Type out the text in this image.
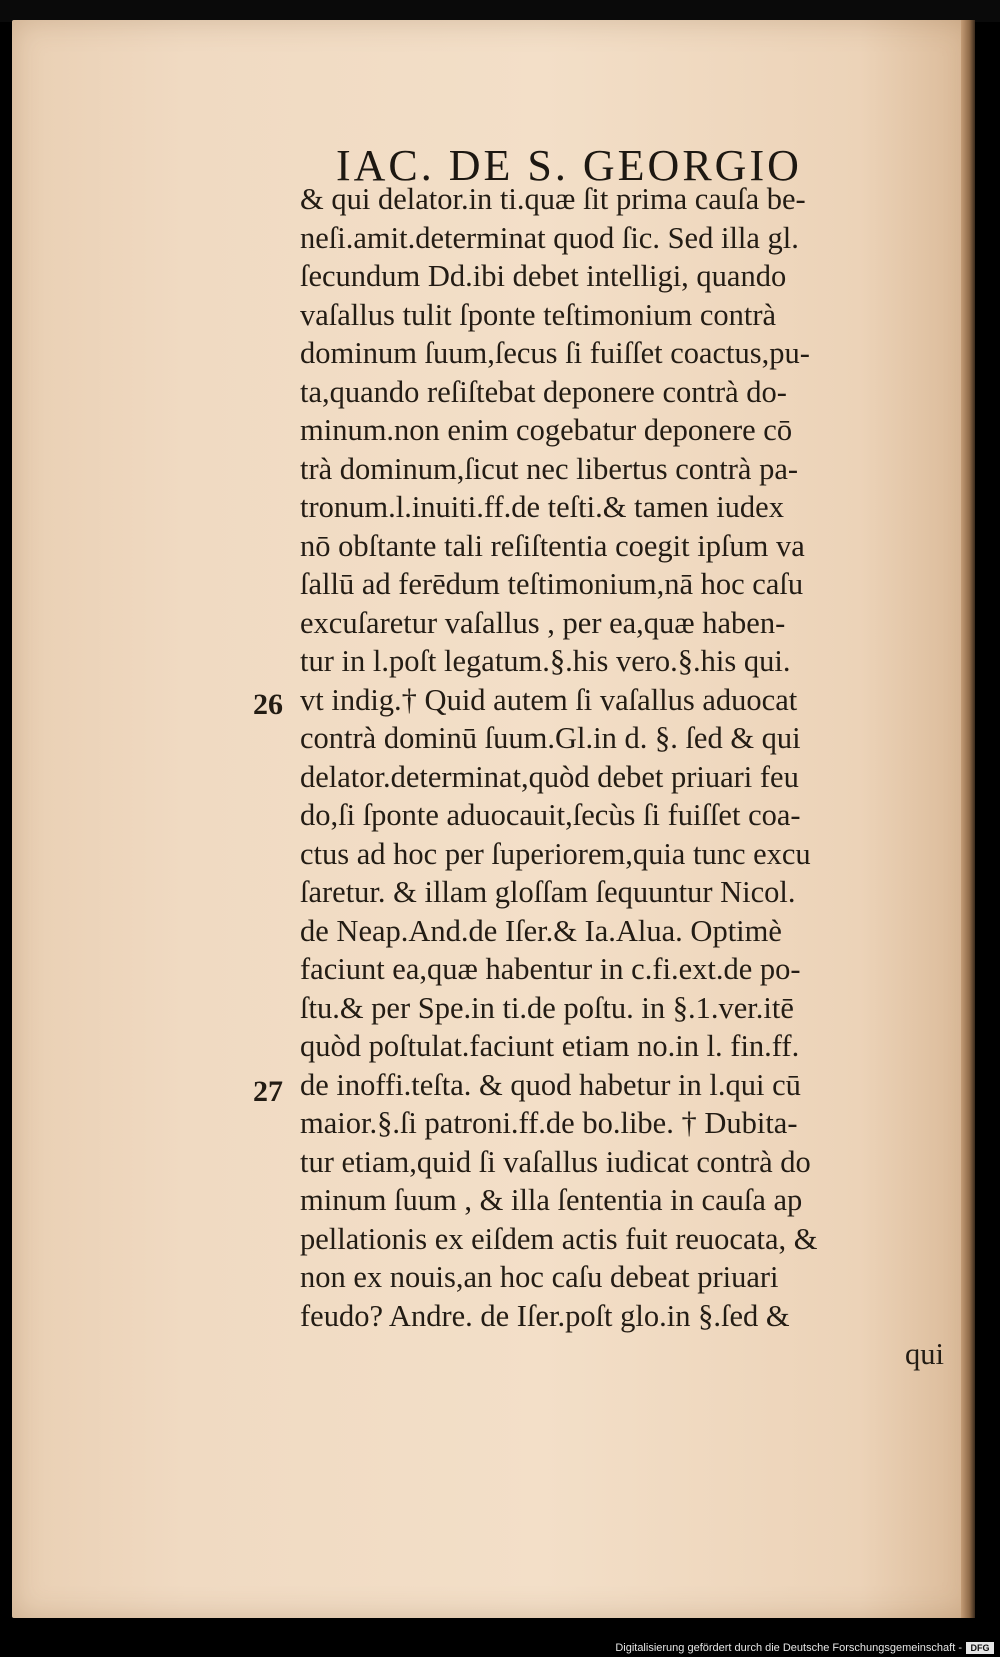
IAC. DE S. GEORGIO
26
27
& qui delator.in ti.quæ ſit prima cauſa be-
neſi.amit.determinat quod ſic. Sed illa gl.
ſecundum Dd.ibi debet intelligi, quando
vaſallus tulit ſponte teſtimonium contrà
dominum ſuum,ſecus ſi fuiſſet coactus,pu-
ta,quando reſiſtebat deponere contrà do-
minum.non enim cogebatur deponere cō
trà dominum,ſicut nec libertus contrà pa-
tronum.l.inuiti.ff.de teſti.& tamen iudex
nō obſtante tali reſiſtentia coegit ipſum va
ſallū ad ferēdum teſtimonium,nā hoc caſu
excuſaretur vaſallus , per ea,quæ haben-
tur in l.poſt legatum.§.his vero.§.his qui.
vt indig.† Quid autem ſi vaſallus aduocat
contrà dominū ſuum.Gl.in d. §. ſed & qui
delator.determinat,quòd debet priuari feu
do,ſi ſponte aduocauit,ſecùs ſi fuiſſet coa-
ctus ad hoc per ſuperiorem,quia tunc excu
ſaretur. & illam gloſſam ſequuntur Nicol.
de Neap.And.de Iſer.& Ia.Alua. Optimè
faciunt ea,quæ habentur in c.fi.ext.de po-
ſtu.& per Spe.in ti.de poſtu. in §.1.ver.itē
quòd poſtulat.faciunt etiam no.in l. fin.ff.
de inoffi.teſta. & quod habetur in l.qui cū
maior.§.ſi patroni.ff.de bo.libe. † Dubita-
tur etiam,quid ſi vaſallus iudicat contrà do
minum ſuum , & illa ſententia in cauſa ap
pellationis ex eiſdem actis fuit reuocata, &
non ex nouis,an hoc caſu debeat priuari
feudo? Andre. de Iſer.poſt glo.in §.ſed &
qui
Digitalisierung gefördert durch die Deutsche Forschungsgemeinschaft - DFG
